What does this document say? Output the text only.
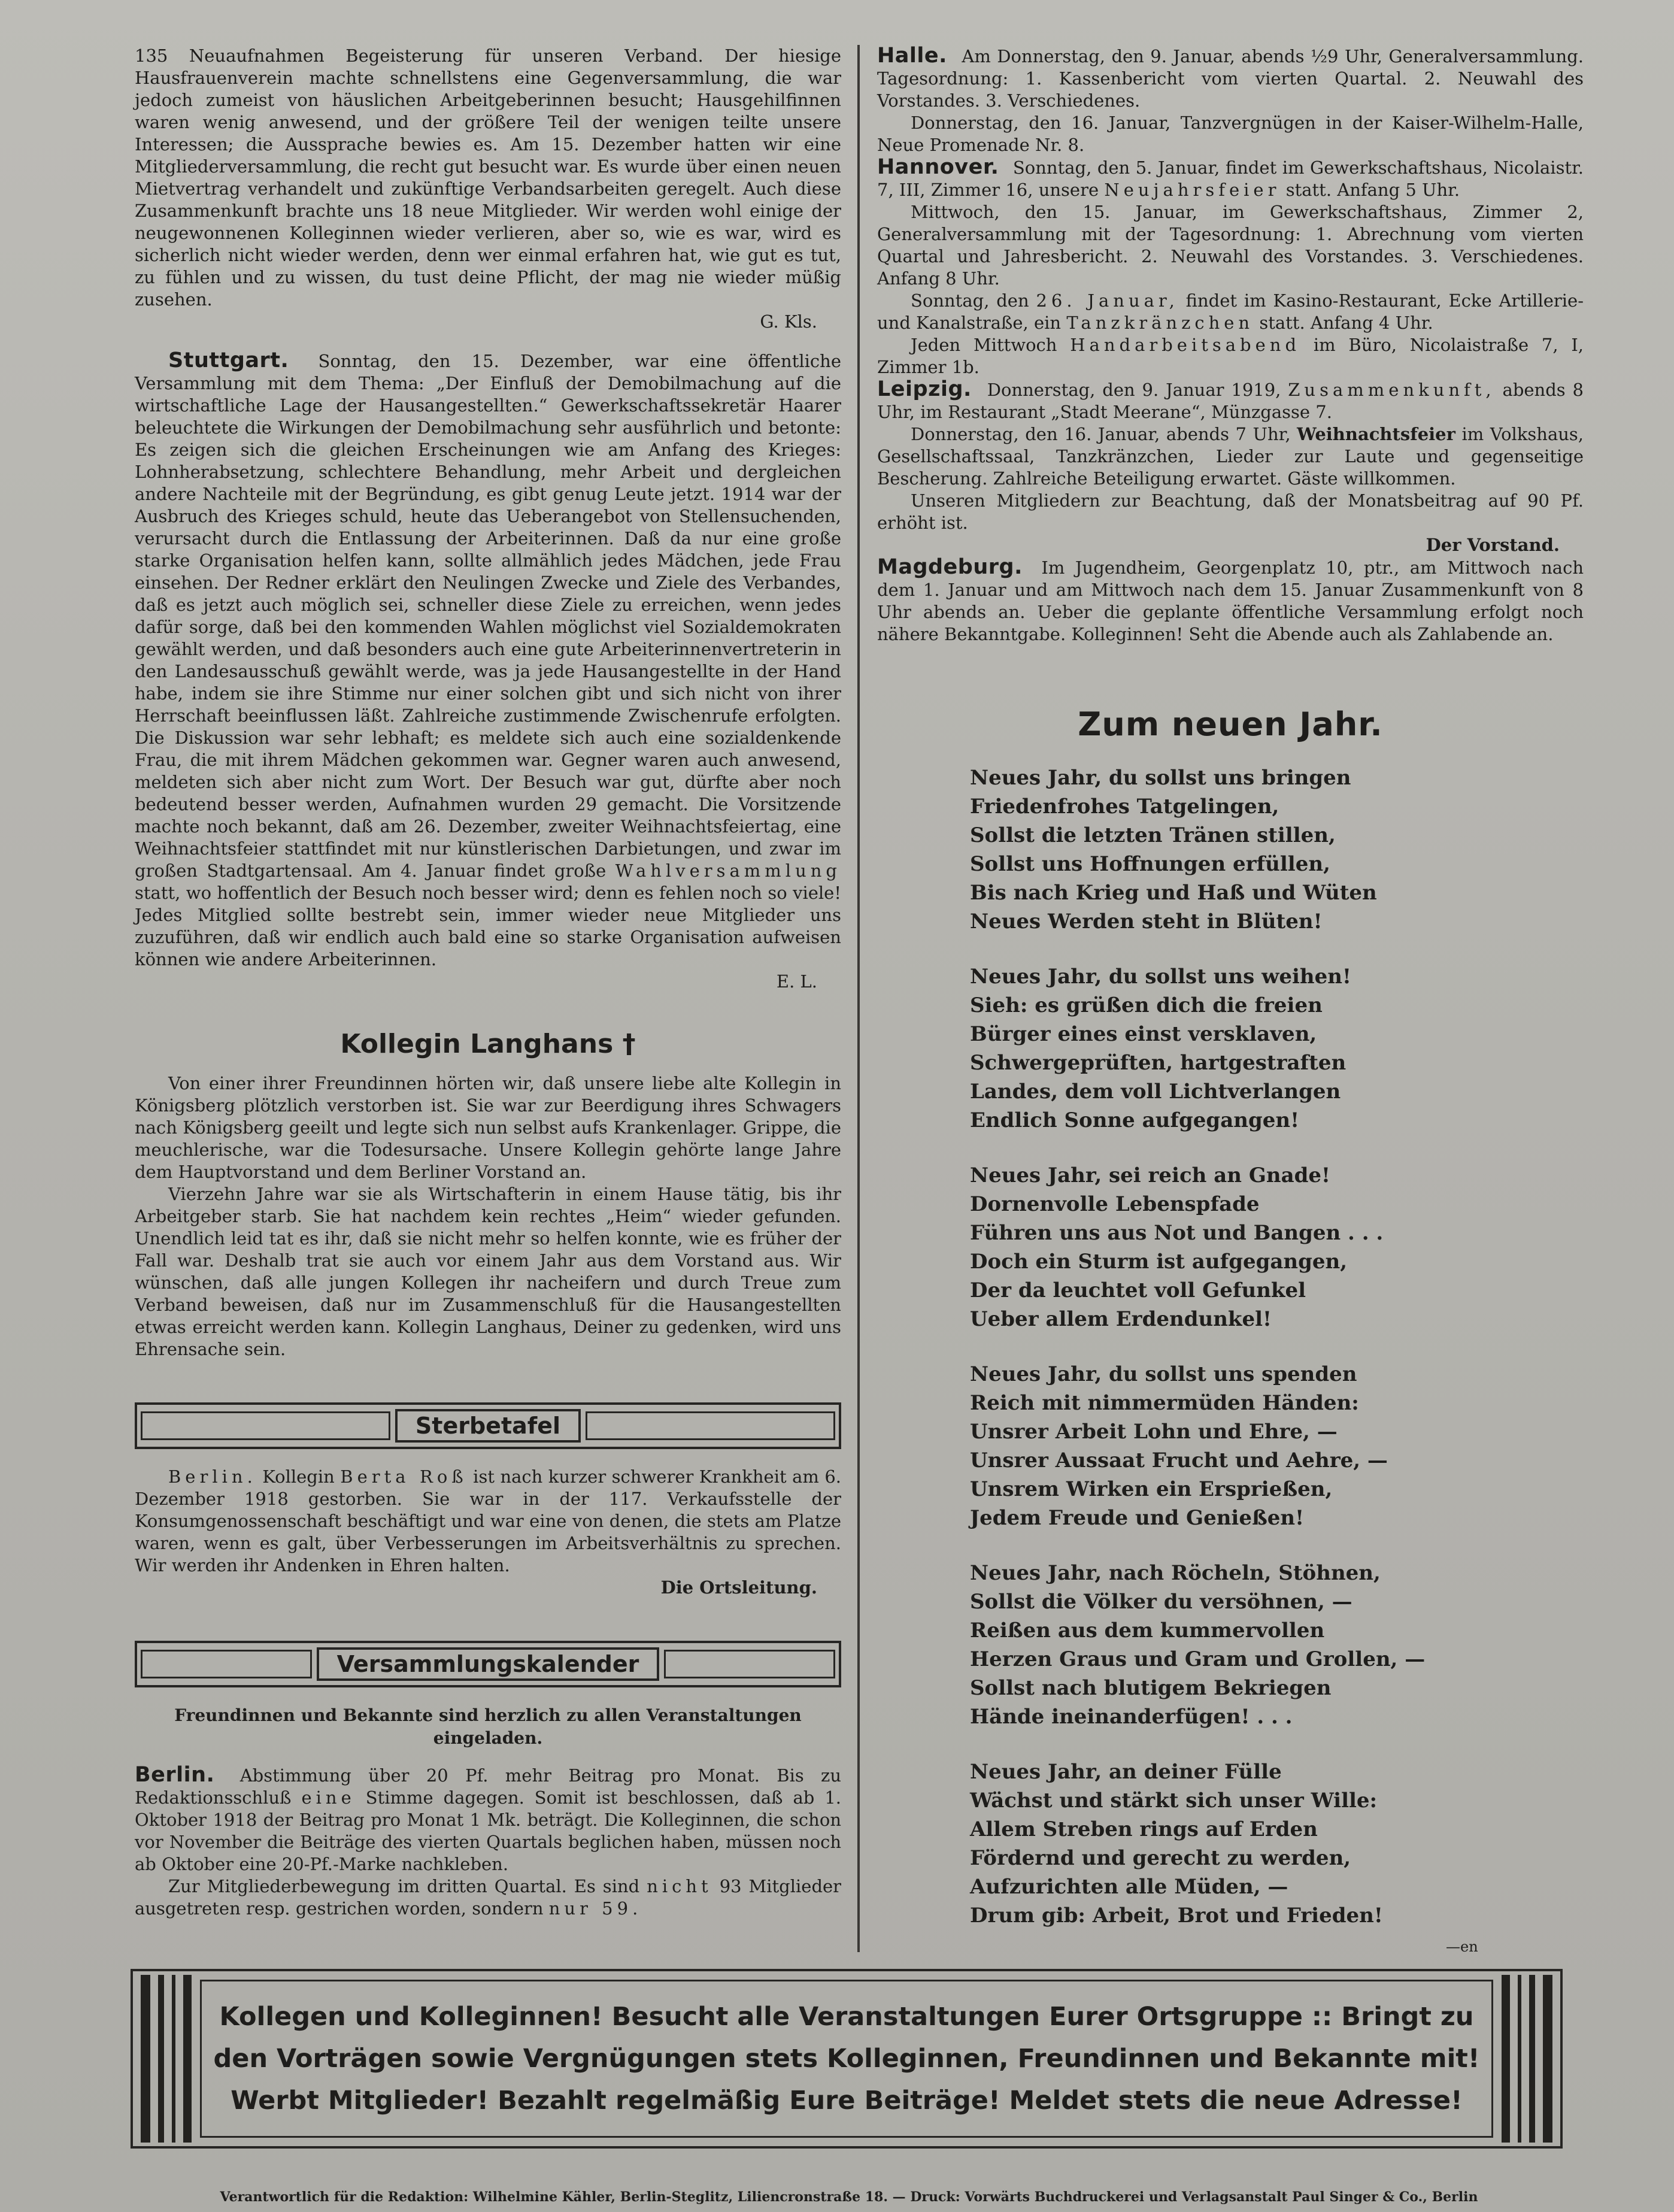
135 Neuaufnahmen Begeisterung für unseren Verband. Der hiesige Hausfrauenverein machte schnellstens eine Gegenversammlung, die war jedoch zumeist von häuslichen Arbeitgeberinnen besucht; Hausgehilfinnen waren wenig anwesend, und der größere Teil der wenigen teilte unsere Interessen; die Aussprache bewies es. Am 15. Dezember hatten wir eine Mitgliederversammlung, die recht gut besucht war. Es wurde über einen neuen Mietvertrag verhandelt und zukünftige Verbandsarbeiten geregelt. Auch diese Zusammenkunft brachte uns 18 neue Mitglieder. Wir werden wohl einige der neugewonnenen Kolleginnen wieder verlieren, aber so, wie es war, wird es sicherlich nicht wieder werden, denn wer einmal erfahren hat, wie gut es tut, zu fühlen und zu wissen, du tust deine Pflicht, der mag nie wieder müßig zusehen.

G. Kls.

Stuttgart. Sonntag, den 15. Dezember, war eine öffentliche Versammlung mit dem Thema: „Der Einfluß der Demobilmachung auf die wirtschaftliche Lage der Hausangestellten.“ Gewerkschaftssekretär Haarer beleuchtete die Wirkungen der Demobilmachung sehr ausführlich und betonte: Es zeigen sich die gleichen Erscheinungen wie am Anfang des Krieges: Lohnherabsetzung, schlechtere Behandlung, mehr Arbeit und dergleichen andere Nachteile mit der Begründung, es gibt genug Leute jetzt. 1914 war der Ausbruch des Krieges schuld, heute das Ueberangebot von Stellensuchenden, verursacht durch die Entlassung der Arbeiterinnen. Daß da nur eine große starke Organisation helfen kann, sollte allmählich jedes Mädchen, jede Frau einsehen. Der Redner erklärt den Neulingen Zwecke und Ziele des Verbandes, daß es jetzt auch möglich sei, schneller diese Ziele zu erreichen, wenn jedes dafür sorge, daß bei den kommenden Wahlen möglichst viel Sozialdemokraten gewählt werden, und daß besonders auch eine gute Arbeiterinnenvertreterin in den Landesausschuß gewählt werde, was ja jede Hausangestellte in der Hand habe, indem sie ihre Stimme nur einer solchen gibt und sich nicht von ihrer Herrschaft beeinflussen läßt. Zahlreiche zustimmende Zwischenrufe erfolgten. Die Diskussion war sehr lebhaft; es meldete sich auch eine sozialdenkende Frau, die mit ihrem Mädchen gekommen war. Gegner waren auch anwesend, meldeten sich aber nicht zum Wort. Der Besuch war gut, dürfte aber noch bedeutend besser werden, Aufnahmen wurden 29 gemacht. Die Vorsitzende machte noch bekannt, daß am 26. Dezember, zweiter Weihnachtsfeiertag, eine Weihnachtsfeier stattfindet mit nur künstlerischen Darbietungen, und zwar im großen Stadtgartensaal. Am 4. Januar findet große Wahlversammlung statt, wo hoffentlich der Besuch noch besser wird; denn es fehlen noch so viele! Jedes Mitglied sollte bestrebt sein, immer wieder neue Mitglieder uns zuzuführen, daß wir endlich auch bald eine so starke Organisation aufweisen können wie andere Arbeiterinnen.

E. L.
Kollegin Langhans †

Von einer ihrer Freundinnen hörten wir, daß unsere liebe alte Kollegin in Königsberg plötzlich verstorben ist. Sie war zur Beerdigung ihres Schwagers nach Königsberg geeilt und legte sich nun selbst aufs Krankenlager. Grippe, die meuchlerische, war die Todesursache. Unsere Kollegin gehörte lange Jahre dem Hauptvorstand und dem Berliner Vorstand an.

Vierzehn Jahre war sie als Wirtschafterin in einem Hause tätig, bis ihr Arbeitgeber starb. Sie hat nachdem kein rechtes „Heim“ wieder gefunden. Unendlich leid tat es ihr, daß sie nicht mehr so helfen konnte, wie es früher der Fall war. Deshalb trat sie auch vor einem Jahr aus dem Vorstand aus. Wir wünschen, daß alle jungen Kollegen ihr nacheifern und durch Treue zum Verband beweisen, daß nur im Zusammenschluß für die Hausangestellten etwas erreicht werden kann. Kollegin Langhaus, Deiner zu gedenken, wird uns Ehrensache sein.

Sterbetafel

Berlin. Kollegin Berta Roß ist nach kurzer schwerer Krankheit am 6. Dezember 1918 gestorben. Sie war in der 117. Verkaufsstelle der Konsumgenossenschaft beschäftigt und war eine von denen, die stets am Platze waren, wenn es galt, über Verbesserungen im Arbeitsverhältnis zu sprechen. Wir werden ihr Andenken in Ehren halten.

Die Ortsleitung.
Versammlungskalender
Freundinnen und Bekannte sind herzlich zu allen Veranstaltungen eingeladen.

Berlin. Abstimmung über 20 Pf. mehr Beitrag pro Monat. Bis zu Redaktionsschluß eine Stimme dagegen. Somit ist beschlossen, daß ab 1. Oktober 1918 der Beitrag pro Monat 1 Mk. beträgt. Die Kolleginnen, die schon vor November die Beiträge des vierten Quartals beglichen haben, müssen noch ab Oktober eine 20-Pf.-Marke nachkleben.

Zur Mitgliederbewegung im dritten Quartal. Es sind nicht 93 Mitglieder ausgetreten resp. gestrichen worden, sondern nur 59.

Halle. Am Donnerstag, den 9. Januar, abends ½9 Uhr, Generalversammlung. Tagesordnung: 1. Kassenbericht vom vierten Quartal. 2. Neuwahl des Vorstandes. 3. Verschiedenes.

Donnerstag, den 16. Januar, Tanzvergnügen in der Kaiser-Wilhelm-Halle, Neue Promenade Nr. 8.

Hannover. Sonntag, den 5. Januar, findet im Gewerkschaftshaus, Nicolaistr. 7, III, Zimmer 16, unsere Neujahrsfeier statt. Anfang 5 Uhr.

Mittwoch, den 15. Januar, im Gewerkschaftshaus, Zimmer 2, Generalversammlung mit der Tagesordnung: 1. Abrechnung vom vierten Quartal und Jahresbericht. 2. Neuwahl des Vorstandes. 3. Verschiedenes. Anfang 8 Uhr.

Sonntag, den 26. Januar, findet im Kasino-Restaurant, Ecke Artillerie- und Kanalstraße, ein Tanzkränzchen statt. Anfang 4 Uhr.

Jeden Mittwoch Handarbeitsabend im Büro, Nicolaistraße 7, I, Zimmer 1b.

Leipzig. Donnerstag, den 9. Januar 1919, Zusammenkunft, abends 8 Uhr, im Restaurant „Stadt Meerane“, Münzgasse 7.

Donnerstag, den 16. Januar, abends 7 Uhr, Weihnachtsfeier im Volkshaus, Gesellschaftssaal, Tanzkränzchen, Lieder zur Laute und gegenseitige Bescherung. Zahlreiche Beteiligung erwartet. Gäste willkommen.

Unseren Mitgliedern zur Beachtung, daß der Monatsbeitrag auf 90 Pf. erhöht ist.

Der Vorstand.

Magdeburg. Im Jugendheim, Georgenplatz 10, ptr., am Mittwoch nach dem 1. Januar und am Mittwoch nach dem 15. Januar Zusammenkunft von 8 Uhr abends an. Ueber die geplante öffentliche Versammlung erfolgt noch nähere Bekanntgabe. Kolleginnen! Seht die Abende auch als Zahlabende an.

Zum neuen Jahr.
Neues Jahr, du sollst uns bringen
Friedenfrohes Tatgelingen,
Sollst die letzten Tränen stillen,
Sollst uns Hoffnungen erfüllen,
Bis nach Krieg und Haß und Wüten
Neues Werden steht in Blüten!
Neues Jahr, du sollst uns weihen!
Sieh: es grüßen dich die freien
Bürger eines einst versklaven,
Schwergeprüften, hartgestraften
Landes, dem voll Lichtverlangen
Endlich Sonne aufgegangen!
Neues Jahr, sei reich an Gnade!
Dornenvolle Lebenspfade
Führen uns aus Not und Bangen . . .
Doch ein Sturm ist aufgegangen,
Der da leuchtet voll Gefunkel
Ueber allem Erdendunkel!
Neues Jahr, du sollst uns spenden
Reich mit nimmermüden Händen:
Unsrer Arbeit Lohn und Ehre, —
Unsrer Aussaat Frucht und Aehre, —
Unsrem Wirken ein Ersprießen,
Jedem Freude und Genießen!
Neues Jahr, nach Röcheln, Stöhnen,
Sollst die Völker du versöhnen, —
Reißen aus dem kummervollen
Herzen Graus und Gram und Grollen, —
Sollst nach blutigem Bekriegen
Hände ineinanderfügen! . . .
Neues Jahr, an deiner Fülle
Wächst und stärkt sich unser Wille:
Allem Streben rings auf Erden
Fördernd und gerecht zu werden,
Aufzurichten alle Müden, —
Drum gib: Arbeit, Brot und Frieden!
—en
Kollegen und Kolleginnen! Besucht alle Veranstaltungen Eurer Ortsgruppe :: Bringt zu
den Vorträgen sowie Vergnügungen stets Kolleginnen, Freundinnen und Bekannte mit!
Werbt Mitglieder! Bezahlt regelmäßig Eure Beiträge! Meldet stets die neue Adresse!
Verantwortlich für die Redaktion: Wilhelmine Kähler, Berlin-Steglitz, Liliencronstraße 18. — Druck: Vorwärts Buchdruckerei und Verlagsanstalt Paul Singer & Co., Berlin
